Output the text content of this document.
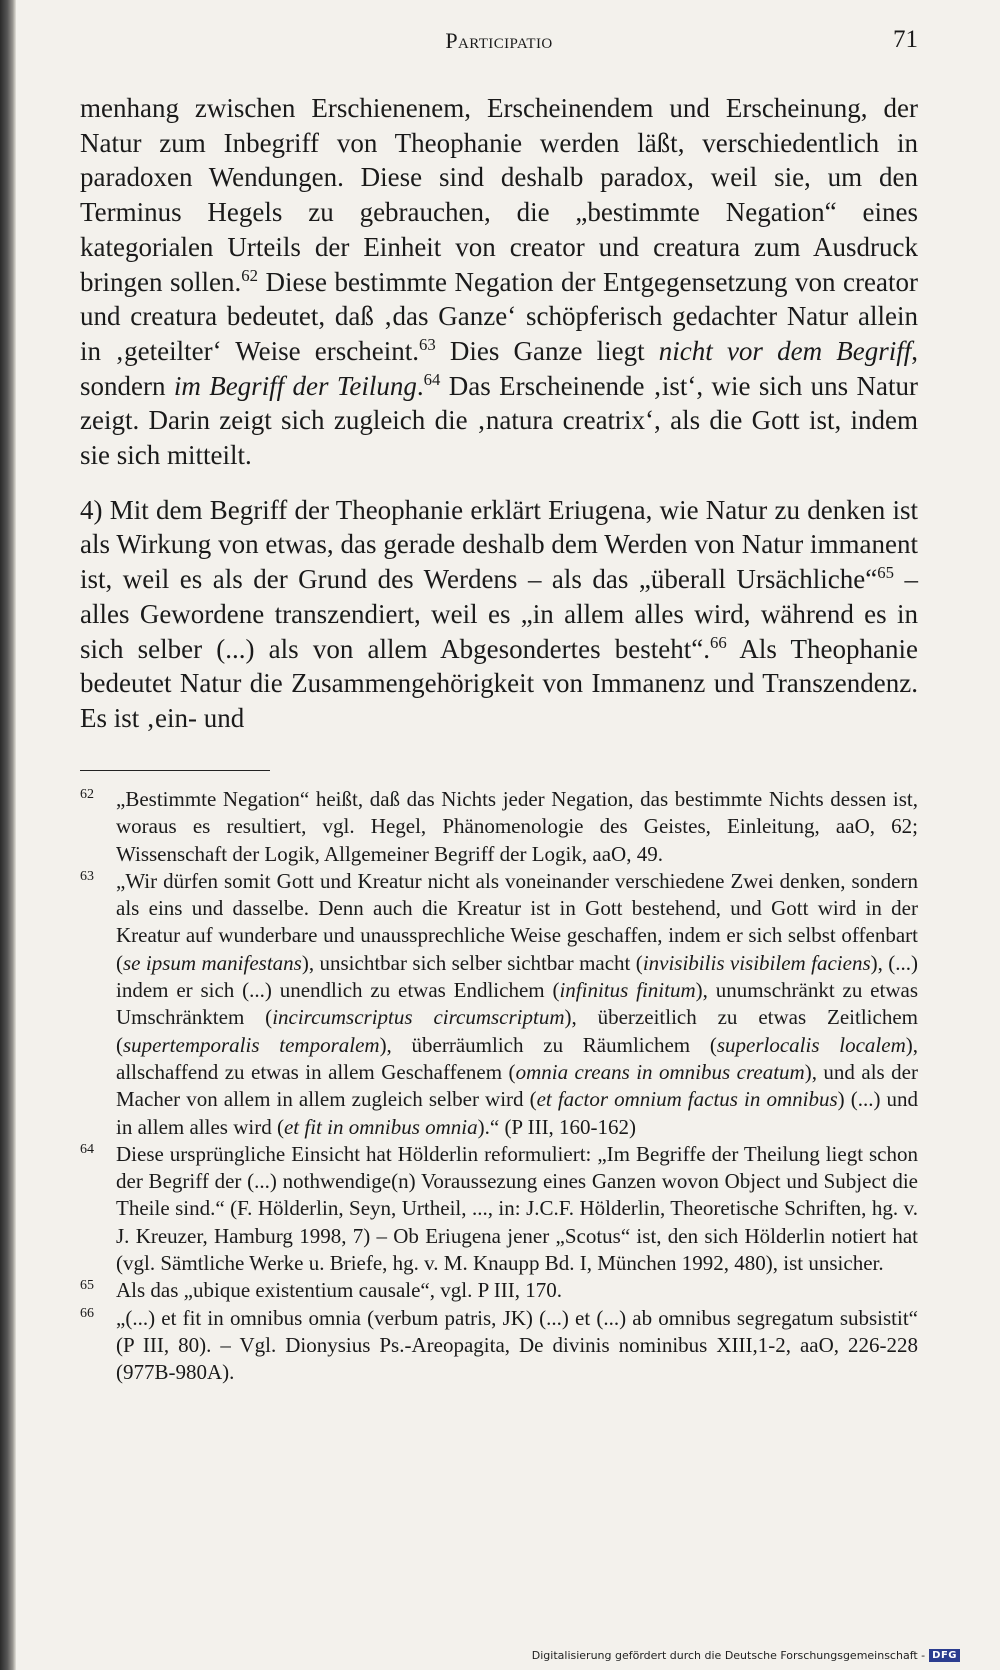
Participatio	71

menhang zwischen Erschienenem, Erscheinendem und Erscheinung, der Natur zum Inbegriff von Theophanie werden läßt, verschiedentlich in paradoxen Wendungen. Diese sind deshalb paradox, weil sie, um den Terminus Hegels zu gebrauchen, die „bestimmte Negation“ eines kategorialen Urteils der Einheit von creator und creatura zum Ausdruck bringen sollen.$^{62}$ Diese bestimmte Negation der Entgegensetzung von creator und creatura bedeutet, daß ‚das Ganze‘ schöpferisch gedachter Natur allein in ‚geteilter‘ Weise erscheint.$^{63}$ Dies Ganze liegt nicht vor dem Begriff, sondern im Begriff der Teilung.$^{64}$ Das Erscheinende ‚ist‘, wie sich uns Natur zeigt. Darin zeigt sich zugleich die ‚natura creatrix‘, als die Gott ist, indem sie sich mitteilt.

4) Mit dem Begriff der Theophanie erklärt Eriugena, wie Natur zu denken ist als Wirkung von etwas, das gerade deshalb dem Werden von Natur immanent ist, weil es als der Grund des Werdens – als das „überall Ursächliche“$^{65}$ – alles Gewordene transzendiert, weil es „in allem alles wird, während es in sich selber (...) als von allem Abgesondertes besteht“.$^{66}$ Als Theophanie bedeutet Natur die Zusammengehörigkeit von Immanenz und Transzendenz. Es ist ‚ein- und

62 „Bestimmte Negation“ heißt, daß das Nichts jeder Negation, das bestimmte Nichts dessen ist, woraus es resultiert, vgl. Hegel, Phänomenologie des Geistes, Einleitung, aaO, 62; Wissenschaft der Logik, Allgemeiner Begriff der Logik, aaO, 49.
63 „Wir dürfen somit Gott und Kreatur nicht als voneinander verschiedene Zwei denken, sondern als eins und dasselbe. Denn auch die Kreatur ist in Gott bestehend, und Gott wird in der Kreatur auf wunderbare und unaussprechliche Weise geschaffen, indem er sich selbst offenbart (se ipsum manifestans), unsichtbar sich selber sichtbar macht (invisibilis visibilem faciens), (...) indem er sich (...) unendlich zu etwas Endlichem (infinitus finitum), unumschränkt zu etwas Umschränktem (incircumscriptus circumscriptum), überzeitlich zu etwas Zeitlichem (supertemporalis temporalem), überräumlich zu Räumlichem (superlocalis localem), allschaffend zu etwas in allem Geschaffenem (omnia creans in omnibus creatum), und als der Macher von allem in allem zugleich selber wird (et factor omnium factus in omnibus) (...) und in allem alles wird (et fit in omnibus omnia).“ (P III, 160-162)
64 Diese ursprüngliche Einsicht hat Hölderlin reformuliert: „Im Begriffe der Theilung liegt schon der Begriff der (...) nothwendige(n) Voraussezung eines Ganzen wovon Object und Subject die Theile sind.“ (F. Hölderlin, Seyn, Urtheil, ..., in: J.C.F. Hölderlin, Theoretische Schriften, hg. v. J. Kreuzer, Hamburg 1998, 7) – Ob Eriugena jener „Scotus“ ist, den sich Hölderlin notiert hat (vgl. Sämtliche Werke u. Briefe, hg. v. M. Knaupp Bd. I, München 1992, 480), ist unsicher.
65 Als das „ubique existentium causale“, vgl. P III, 170.
66 „(...) et fit in omnibus omnia (verbum patris, JK) (...) et (...) ab omnibus segregatum subsistit“ (P III, 80). – Vgl. Dionysius Ps.-Areopagita, De divinis nominibus XIII,1-2, aaO, 226-228 (977B-980A).
Digitalisierung gefördert durch die Deutsche Forschungsgemeinschaft - DFG
